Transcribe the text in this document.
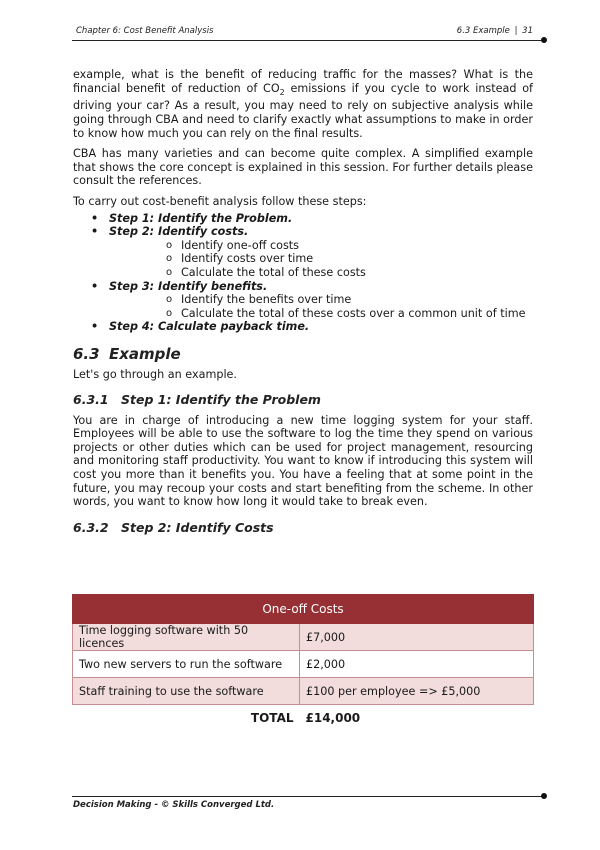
Chapter 6: Cost Benefit Analysis	6.3 Example | 31

example, what is the benefit of reducing traffic for the masses? What is the financial benefit of reduction of $CO_2$ emissions if you cycle to work instead of driving your car? As a result, you may need to rely on subjective analysis while going through CBA and need to clarify exactly what assumptions to make in order to know how much you can rely on the final results.

CBA has many varieties and can become quite complex. A simplified example that shows the core concept is explained in this session. For further details please consult the references.

To carry out cost-benefit analysis follow these steps:

• Step 1: Identify the Problem.
• Step 2: Identify costs.
o Identify one-off costs
o Identify costs over time
o Calculate the total of these costs
• Step 3: Identify benefits.
o Identify the benefits over time
o Calculate the total of these costs over a common unit of time
• Step 4: Calculate payback time.
6.3 Example

Let's go through an example.

6.3.1 Step 1: Identify the Problem

You are in charge of introducing a new time logging system for your staff. Employees will be able to use the software to log the time they spend on various projects or other duties which can be used for project management, resourcing and monitoring staff productivity. You want to know if introducing this system will cost you more than it benefits you. You have a feeling that at some point in the future, you may recoup your costs and start benefiting from the scheme. In other words, you want to know how long it would take to break even.

6.3.2 Step 2: Identify Costs
One-off Costs	
Time logging software with 50 licences	£7,000
Two new servers to run the software	£2,000
Staff training to use the software	£100 per employee => £5,000
TOTAL	£14,000
Decision Making - © Skills Converged Ltd.
